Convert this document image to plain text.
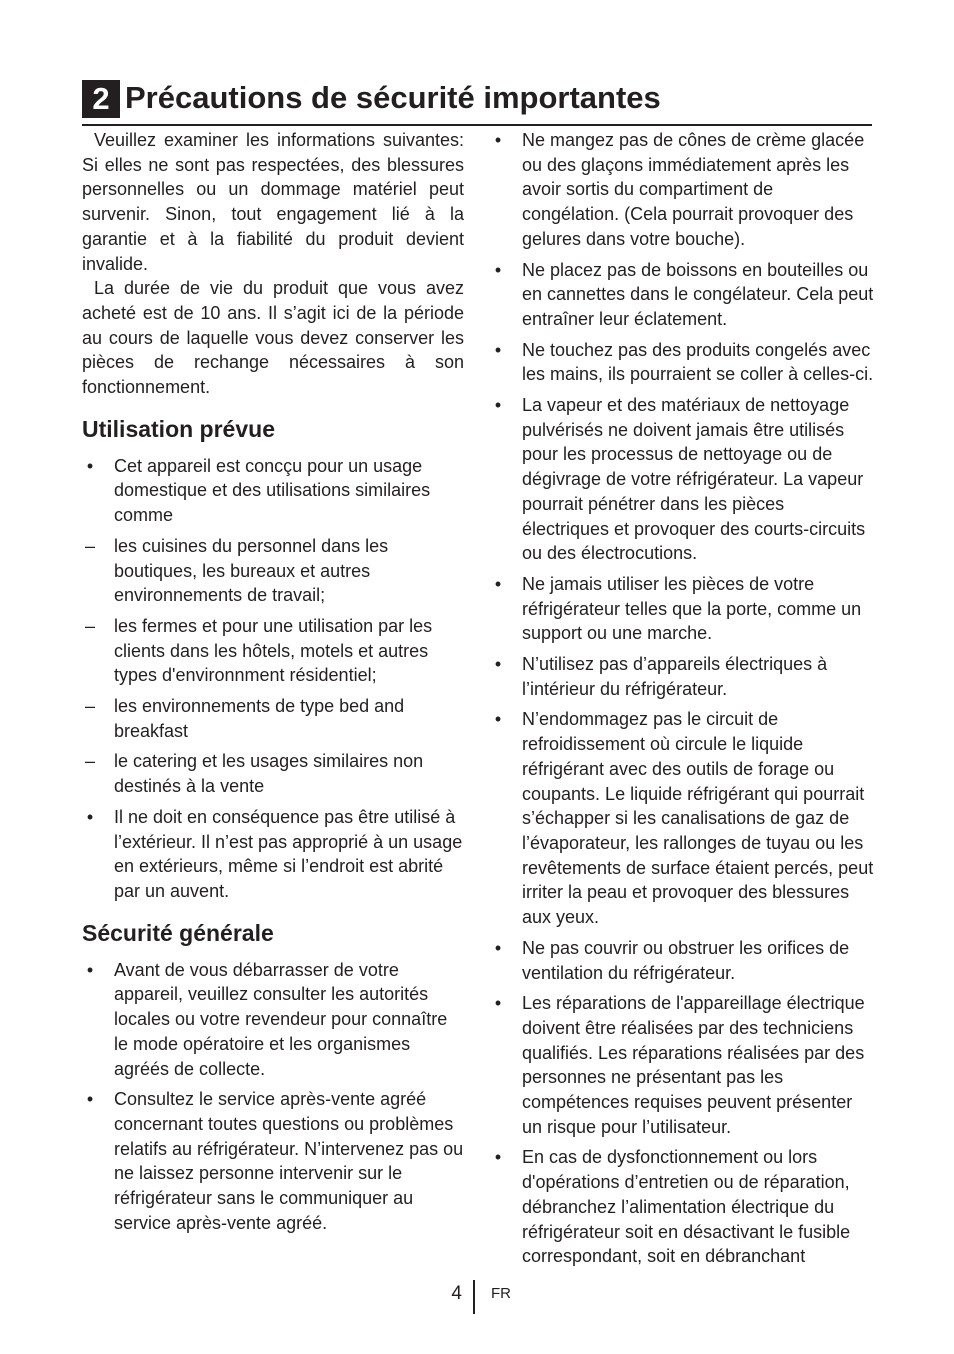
2 Précautions de sécurité importantes

Veuillez examiner les informations suivantes: Si elles ne sont pas respectées, des blessures personnelles ou un dommage matériel peut survenir. Sinon, tout engagement lié à la garantie et à la fiabilité du produit devient invalide.

La durée de vie du produit que vous avez acheté est de 10 ans. Il s’agit ici de la période au cours de laquelle vous devez conserver les pièces de rechange nécessaires à son fonctionnement.

Utilisation prévue
• Cet appareil est concçu pour un usage domestique et des utilisations similaires comme
– les cuisines du personnel dans les boutiques, les bureaux et autres environnements de travail;
– les fermes et pour une utilisation par les clients dans les hôtels, motels et autres types d'environnment résidentiel;
– les environnements de type bed and breakfast
– le catering et les usages similaires non destinés à la vente
• Il ne doit en conséquence pas être utilisé à l’extérieur. Il n’est pas approprié à un usage en extérieurs, même si l’endroit est abrité par un auvent.
Sécurité générale
• Avant de vous débarrasser de votre appareil, veuillez consulter les autorités locales ou votre revendeur pour connaître le mode opératoire et les organismes agréés de collecte.
• Consultez le service après-vente agréé concernant toutes questions ou problèmes relatifs au réfrigérateur. N’intervenez pas ou ne laissez personne intervenir sur le réfrigérateur sans le communiquer au service après-vente agréé.
• Ne mangez pas de cônes de crème glacée ou des glaçons immédiatement après les avoir sortis du compartiment de congélation. (Cela pourrait provoquer des gelures dans votre bouche).
• Ne placez pas de boissons en bouteilles ou en cannettes dans le congélateur. Cela peut entraîner leur éclatement.
• Ne touchez pas des produits congelés avec les mains, ils pourraient se coller à celles-ci.
• La vapeur et des matériaux de nettoyage pulvérisés ne doivent jamais être utilisés pour les processus de nettoyage ou de dégivrage de votre réfrigérateur. La vapeur pourrait pénétrer dans les pièces électriques et provoquer des courts-circuits ou des électrocutions.
• Ne jamais utiliser les pièces de votre réfrigérateur telles que la porte, comme un support ou une marche.
• N’utilisez pas d’appareils électriques à l’intérieur du réfrigérateur.
• N’endommagez pas le circuit de refroidissement où circule le liquide réfrigérant avec des outils de forage ou coupants. Le liquide réfrigérant qui pourrait s’échapper si les canalisations de gaz de l’évaporateur, les rallonges de tuyau ou les revêtements de surface étaient percés, peut irriter la peau et provoquer des blessures aux yeux.
• Ne pas couvrir ou obstruer les orifices de ventilation du réfrigérateur.
• Les réparations de l'appareillage électrique doivent être réalisées par des techniciens qualifiés. Les réparations réalisées par des personnes ne présentant pas les compétences requises peuvent présenter un risque pour l’utilisateur.
• En cas de dysfonctionnement ou lors d'opérations d’entretien ou de réparation, débranchez l’alimentation électrique du réfrigérateur soit en désactivant le fusible correspondant, soit en débranchant
4 FR
